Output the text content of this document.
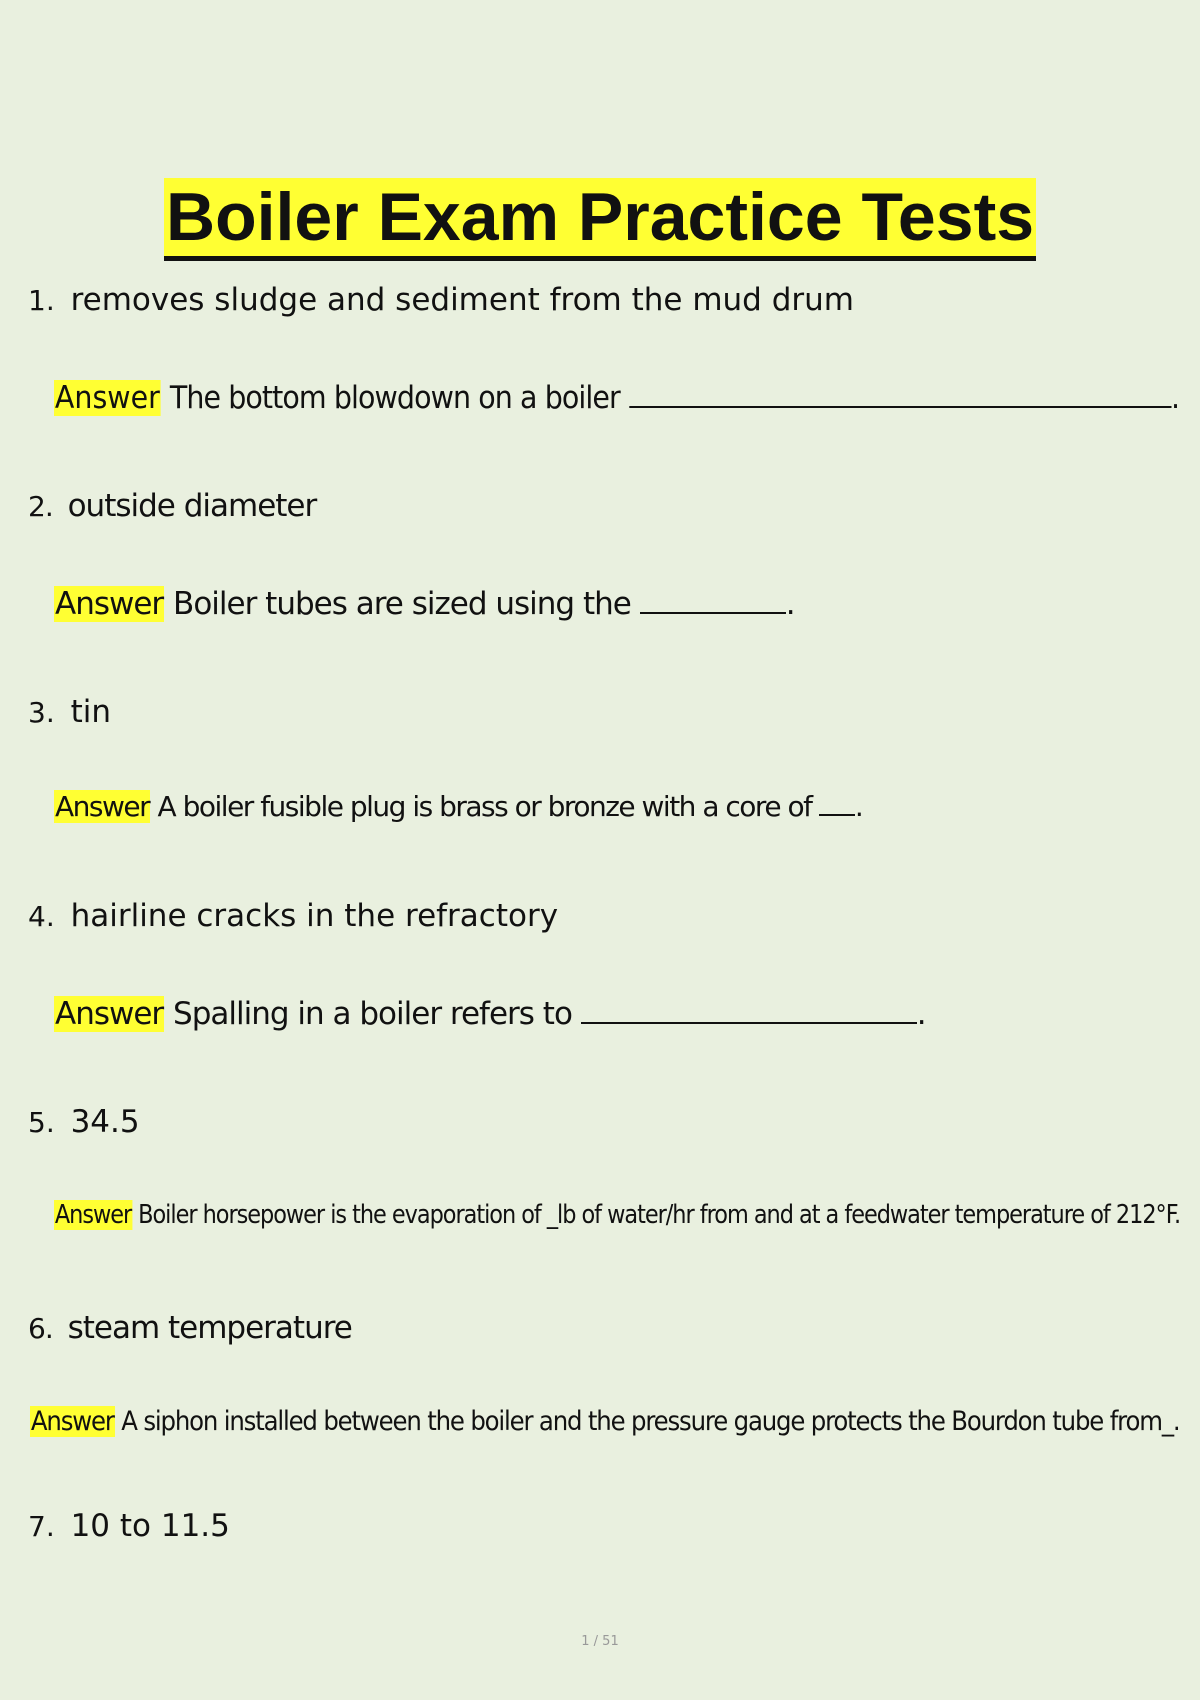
Boiler Exam Practice Tests
1. removes sludge and sediment from the mud drum
Answer The bottom blowdown on a boiler	.
2. outside diameter
Answer Boiler tubes are sized using the	.
3. tin
Answer A boiler fusible plug is brass or bronze with a core of .
4. hairline cracks in the refractory
Answer Spalling in a boiler refers to	.
5. 34.5
Answer Boiler horsepower is the evaporation of _lb of water/hr from and at a feedwater temperature of 212°F.
6. steam temperature
Answer A siphon installed between the boiler and the pressure gauge protects the Bourdon tube from_.
7. 10 to 11.5
1 / 51
